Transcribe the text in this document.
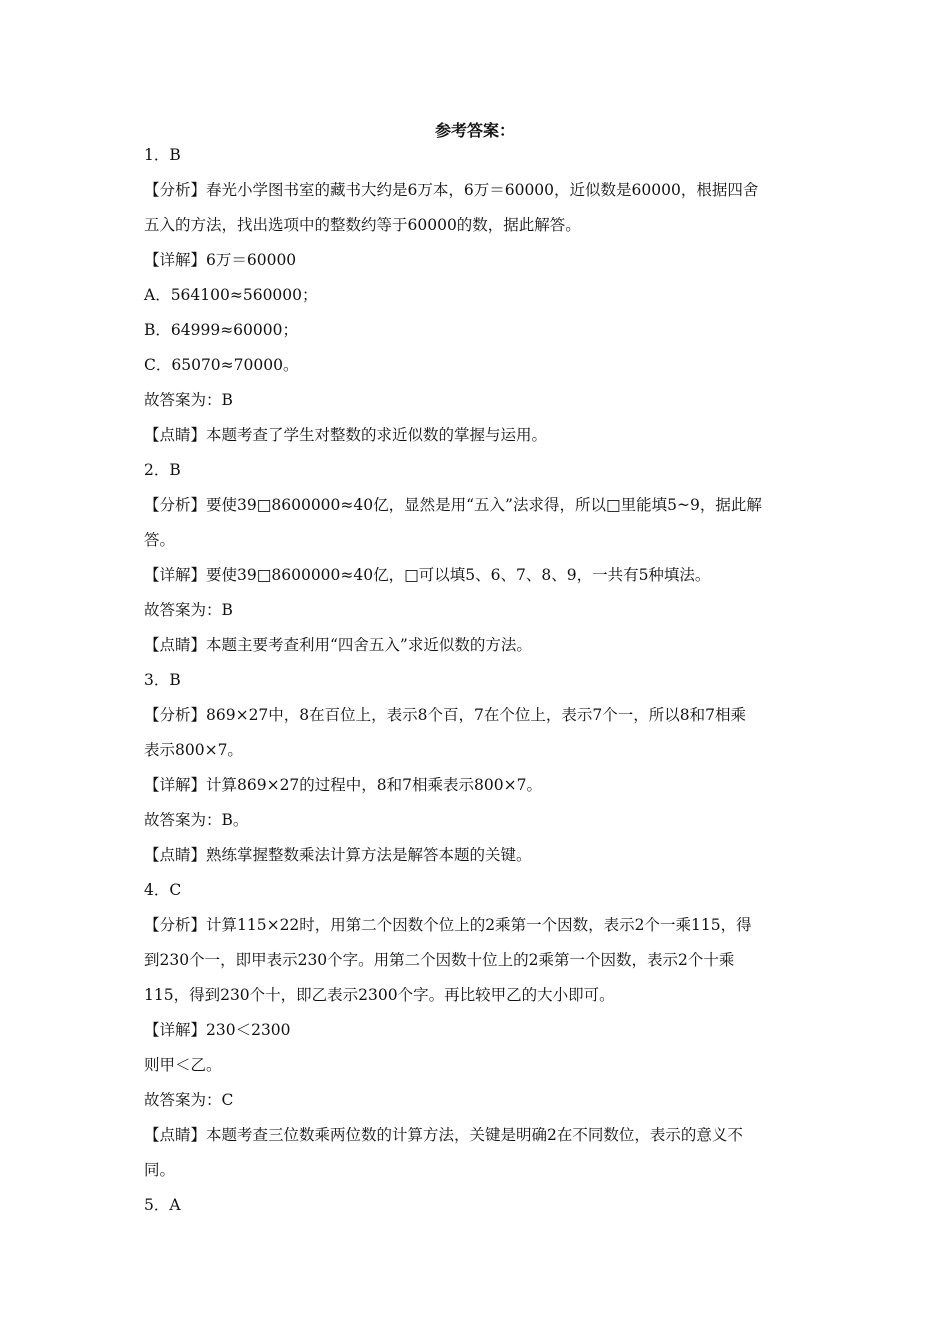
参考答案：

1．B

【分析】春光小学图书室的藏书大约是6万本，6万＝60000，近似数是60000，根据四舍

五入的方法，找出选项中的整数约等于60000的数，据此解答。

【详解】6万＝60000

A．564100≈560000；

B．64999≈60000；

C．65070≈70000。

故答案为：B

【点睛】本题考查了学生对整数的求近似数的掌握与运用。

2．B

【分析】要使39□8600000≈40亿，显然是用“五入”法求得，所以□里能填5~9，据此解

答。

【详解】要使39□8600000≈40亿，□可以填5、6、7、8、9，一共有5种填法。

故答案为：B

【点睛】本题主要考查利用“四舍五入”求近似数的方法。

3．B

【分析】869×27中，8在百位上，表示8个百，7在个位上，表示7个一，所以8和7相乘

表示800×7。

【详解】计算869×27的过程中，8和7相乘表示800×7。

故答案为：B。

【点睛】熟练掌握整数乘法计算方法是解答本题的关键。

4．C

【分析】计算115×22时，用第二个因数个位上的2乘第一个因数，表示2个一乘115，得

到230个一，即甲表示230个字。用第二个因数十位上的2乘第一个因数，表示2个十乘

115，得到230个十，即乙表示2300个字。再比较甲乙的大小即可。

【详解】230＜2300

则甲＜乙。

故答案为：C

【点睛】本题考查三位数乘两位数的计算方法，关键是明确2在不同数位，表示的意义不

同。

5．A
